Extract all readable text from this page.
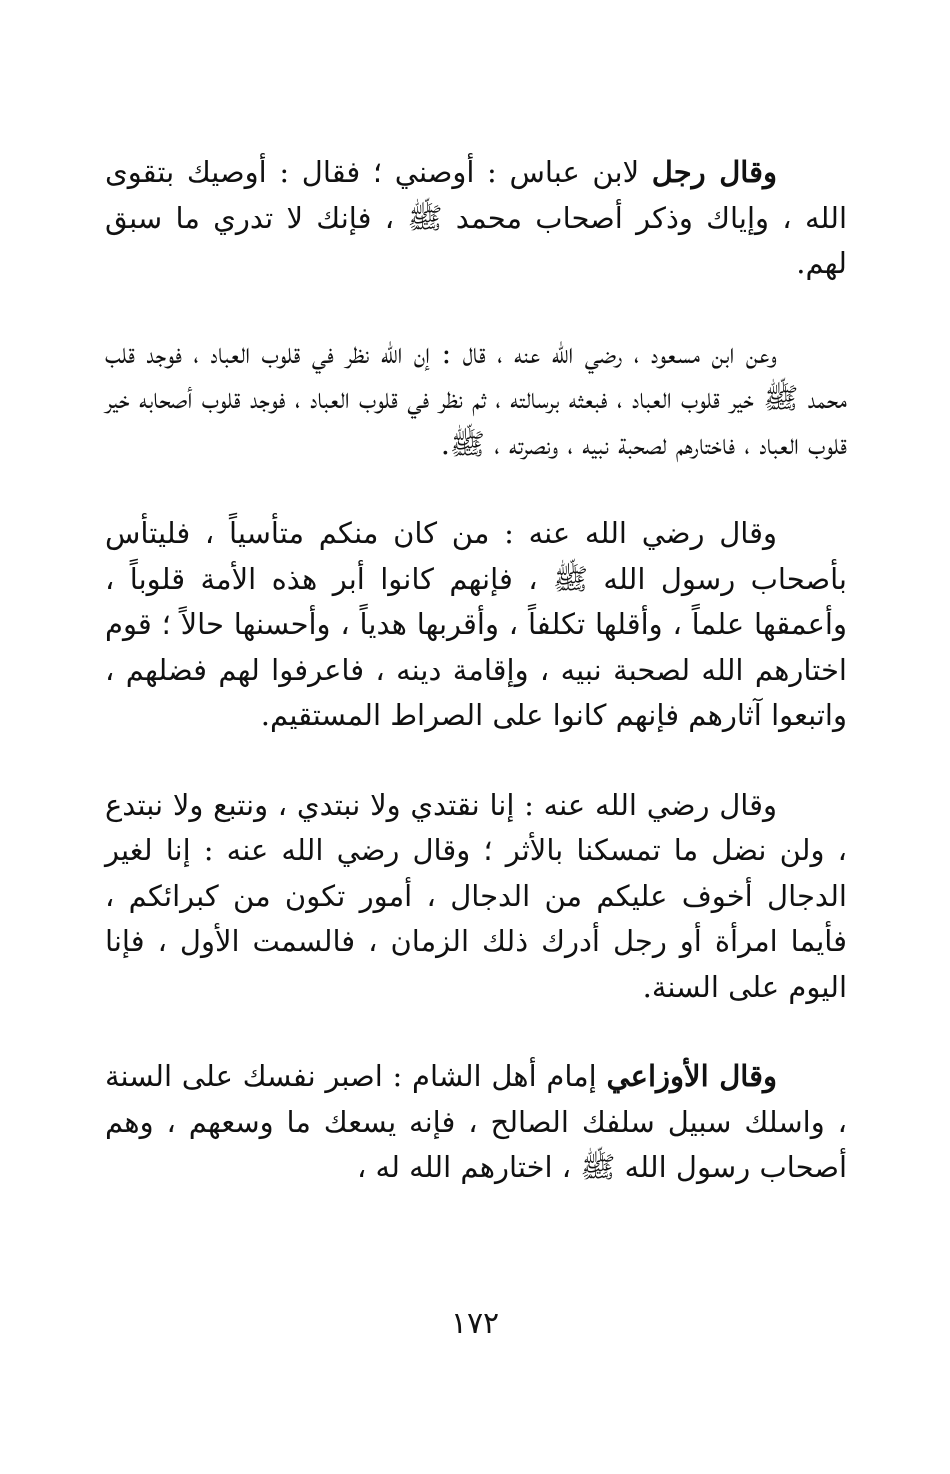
وقال رجل لابن عباس : أوصني ؛ فقال : أوصيك بتقوى الله ، وإياك وذكر أصحاب محمد ﷺ ، فإنك لا تدري ما سبق لهم.

وعن ابن مسعود ، رضي الله عنه ، قال : إن الله نظر في قلوب العباد ، فوجد قلب محمد ﷺ خير قلوب العباد ، فبعثه برسالته ، ثم نظر في قلوب العباد ، فوجد قلوب أصحابه خير قلوب العباد ، فاختارهم لصحبة نبيه ، ونصرته ، ﷺ.

وقال رضي الله عنه : من كان منكم متأسياً ، فليتأس بأصحاب رسول الله ﷺ ، فإنهم كانوا أبر هذه الأمة قلوباً ، وأعمقها علماً ، وأقلها تكلفاً ، وأقربها هدياً ، وأحسنها حالاً ؛ قوم اختارهم الله لصحبة نبيه ، وإقامة دينه ، فاعرفوا لهم فضلهم ، واتبعوا آثارهم فإنهم كانوا على الصراط المستقيم.

وقال رضي الله عنه : إنا نقتدي ولا نبتدي ، ونتبع ولا نبتدع ، ولن نضل ما تمسكنا بالأثر ؛ وقال رضي الله عنه : إنا لغير الدجال أخوف عليكم من الدجال ، أمور تكون من كبرائكم ، فأيما امرأة أو رجل أدرك ذلك الزمان ، فالسمت الأول ، فإنا اليوم على السنة.

وقال الأوزاعي إمام أهل الشام : اصبر نفسك على السنة ، واسلك سبيل سلفك الصالح ، فإنه يسعك ما وسعهم ، وهم أصحاب رسول الله ﷺ ، اختارهم الله له ،

١٧٢
